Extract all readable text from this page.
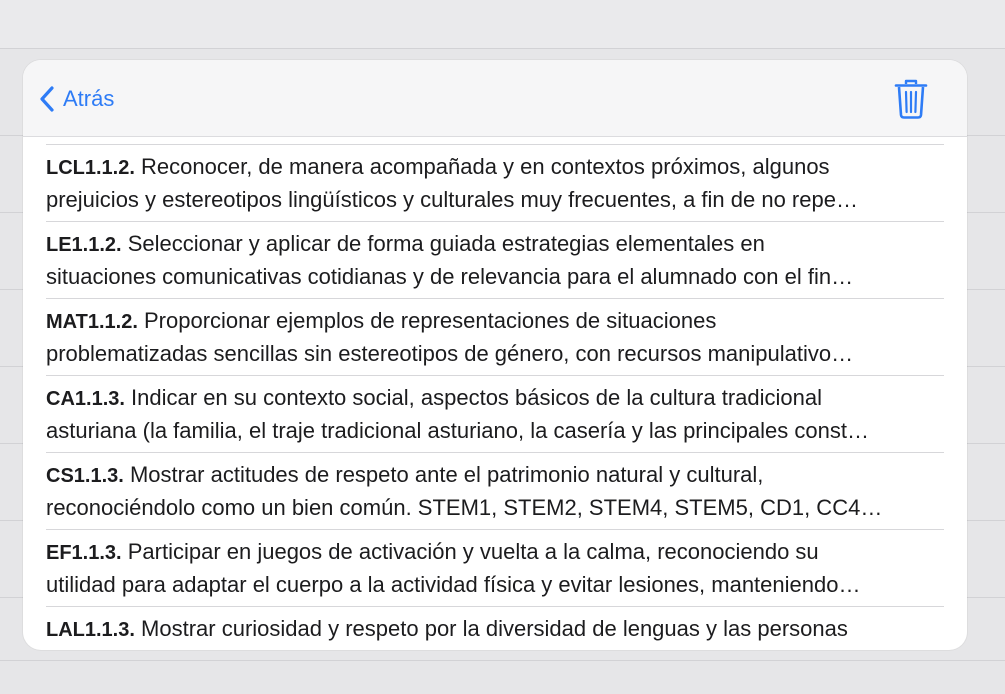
Atrás

LCL1.1.2. Reconocer, de manera acompañada y en contextos próximos, algunos
prejuicios y estereotipos lingüísticos y culturales muy frecuentes, a fin de no repe…
LE1.1.2. Seleccionar y aplicar de forma guiada estrategias elementales en
situaciones comunicativas cotidianas y de relevancia para el alumnado con el fin…
MAT1.1.2. Proporcionar ejemplos de representaciones de situaciones
problematizadas sencillas sin estereotipos de género, con recursos manipulativo…
CA1.1.3. Indicar en su contexto social, aspectos básicos de la cultura tradicional
asturiana (la familia, el traje tradicional asturiano, la casería y las principales const…
CS1.1.3. Mostrar actitudes de respeto ante el patrimonio natural y cultural,
reconociéndolo como un bien común. STEM1, STEM2, STEM4, STEM5, CD1, CC4…
EF1.1.3. Participar en juegos de activación y vuelta a la calma, reconociendo su
utilidad para adaptar el cuerpo a la actividad física y evitar lesiones, manteniendo…
LAL1.1.3. Mostrar curiosidad y respeto por la diversidad de lenguas y las personas
